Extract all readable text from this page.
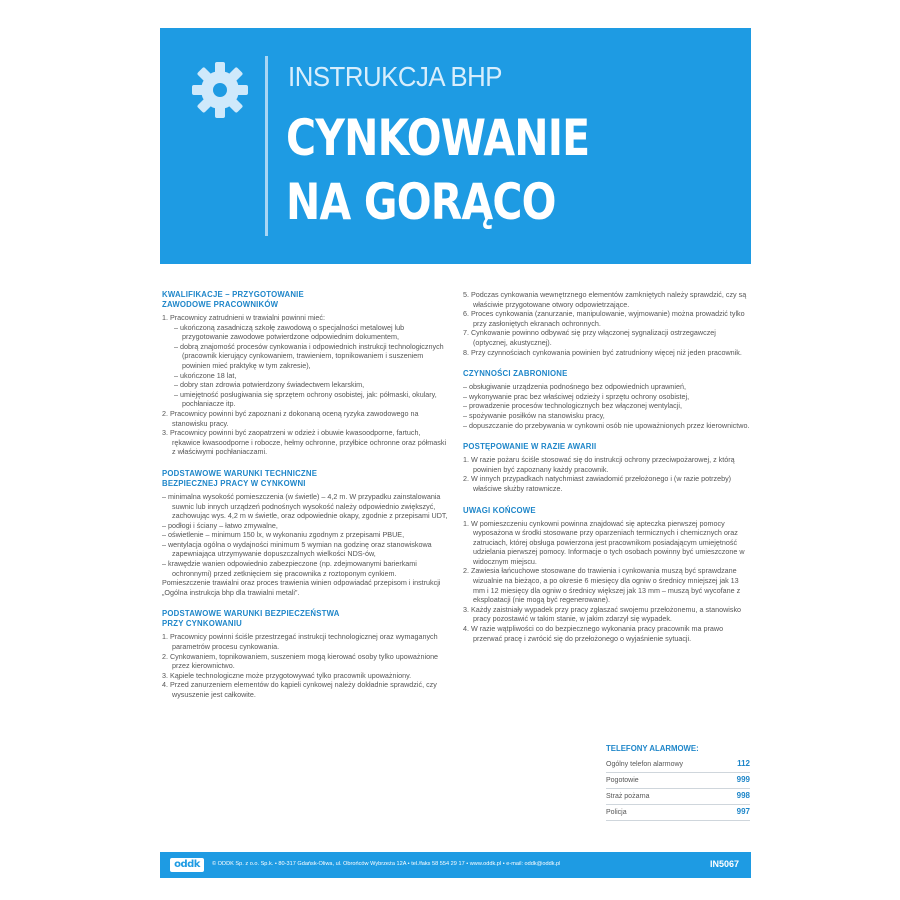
INSTRUKCJA BHP
CYNKOWANIE
NA GORĄCO
KWALIFIKACJE – PRZYGOTOWANIE
ZAWODOWE PRACOWNIKÓW
1. Pracownicy zatrudnieni w trawialni powinni mieć:
– ukończoną zasadniczą szkołę zawodową o specjalności metalowej lub przygotowanie zawodowe potwierdzone odpowiednim dokumentem,
– dobrą znajomość procesów cynkowania i odpowiednich instrukcji technologicznych (pracownik kierujący cynkowaniem, trawieniem, topnikowaniem i suszeniem powinien mieć praktykę w tym zakresie),
– ukończone 18 lat,
– dobry stan zdrowia potwierdzony świadectwem lekarskim,
– umiejętność posługiwania się sprzętem ochrony osobistej, jak: półmaski, okulary, pochłaniacze itp.
2. Pracownicy powinni być zapoznani z dokonaną oceną ryzyka zawodowego na stanowisku pracy.
3. Pracownicy powinni być zaopatrzeni w odzież i obuwie kwasoodporne, fartuch, rękawice kwasoodporne i robocze, hełmy ochronne, przyłbice ochronne oraz półmaski z właściwymi pochłaniaczami.
PODSTAWOWE WARUNKI TECHNICZNE
BEZPIECZNEJ PRACY W CYNKOWNI
– minimalna wysokość pomieszczenia (w świetle) – 4,2 m. W przypadku zainstalowania suwnic lub innych urządzeń podnośnych wysokość należy odpowiednio zwiększyć, zachowując wys. 4,2 m w świetle, oraz odpowiednie okapy, zgodnie z przepisami UDT,
– podłogi i ściany – łatwo zmywalne,
– oświetlenie – minimum 150 lx, w wykonaniu zgodnym z przepisami PBUE,
– wentylacja ogólna o wydajności minimum 5 wymian na godzinę oraz stanowiskowa zapewniająca utrzymywanie dopuszczalnych wielkości NDS-ów,
– krawędzie wanien odpowiednio zabezpieczone (np. zdejmowanymi barierkami ochronnymi) przed zetknięciem się pracownika z roztoponym cynkiem.
Pomieszczenie trawialni oraz proces trawienia winien odpowiadać przepisom i instrukcji „Ogólna instrukcja bhp dla trawialni metali”.
PODSTAWOWE WARUNKI BEZPIECZEŃSTWA
PRZY CYNKOWANIU
1. Pracownicy powinni ściśle przestrzegać instrukcji technologicznej oraz wymaganych parametrów procesu cynkowania.
2. Cynkowaniem, topnikowaniem, suszeniem mogą kierować osoby tylko upoważnione przez kierownictwo.
3. Kąpiele technologiczne może przygotowywać tylko pracownik upoważniony.
4. Przed zanurzeniem elementów do kąpieli cynkowej należy dokładnie sprawdzić, czy wysuszenie jest całkowite.
5. Podczas cynkowania wewnętrznego elementów zamkniętych należy sprawdzić, czy są właściwie przygotowane otwory odpowietrzające.
6. Proces cynkowania (zanurzanie, manipulowanie, wyjmowanie) można prowadzić tylko przy zasłoniętych ekranach ochronnych.
7. Cynkowanie powinno odbywać się przy włączonej sygnalizacji ostrzegawczej (optycznej, akustycznej).
8. Przy czynnościach cynkowania powinien być zatrudniony więcej niż jeden pracownik.
CZYNNOŚCI ZABRONIONE
– obsługiwanie urządzenia podnośnego bez odpowiednich uprawnień,
– wykonywanie prac bez właściwej odzieży i sprzętu ochrony osobistej,
– prowadzenie procesów technologicznych bez włączonej wentylacji,
– spożywanie posiłków na stanowisku pracy,
– dopuszczanie do przebywania w cynkowni osób nie upoważnionych przez kierownictwo.
POSTĘPOWANIE W RAZIE AWARII
1. W razie pożaru ściśle stosować się do instrukcji ochrony przeciwpożarowej, z którą powinien być zapoznany każdy pracownik.
2. W innych przypadkach natychmiast zawiadomić przełożonego i (w razie potrzeby) właściwe służby ratownicze.
UWAGI KOŃCOWE
1. W pomieszczeniu cynkowni powinna znajdować się apteczka pierwszej pomocy wyposażona w środki stosowane przy oparzeniach termicznych i chemicznych oraz zatruciach, której obsługa powierzona jest pracownikom posiadającym umiejętność udzielania pierwszej pomocy. Informacje o tych osobach powinny być umieszczone w widocznym miejscu.
2. Zawiesia łańcuchowe stosowane do trawienia i cynkowania muszą być sprawdzane wizualnie na bieżąco, a po okresie 6 miesięcy dla ogniw o średnicy mniejszej jak 13 mm i 12 miesięcy dla ogniw o średnicy większej jak 13 mm – muszą być wycofane z eksploatacji (nie mogą być regenerowane).
3. Każdy zaistniały wypadek przy pracy zgłaszać swojemu przełożonemu, a stanowisko pracy pozostawić w takim stanie, w jakim zdarzył się wypadek.
4. W razie wątpliwości co do bezpiecznego wykonania pracy pracownik ma prawo przerwać pracę i zwrócić się do przełożonego o wyjaśnienie sytuacji.
TELEFONY ALARMOWE:
Ogólny telefon alarmowy	112
Pogotowie	999
Straż pożarna	998
Policja	997
oddk	© ODDK Sp. z o.o. Sp.k. • 80-317 Gdańsk-Oliwa, ul. Obrońców Wybrzeża 12A • tel./faks 58 554 29 17 • www.oddk.pl • e-mail: oddk@oddk.pl	IN5067
